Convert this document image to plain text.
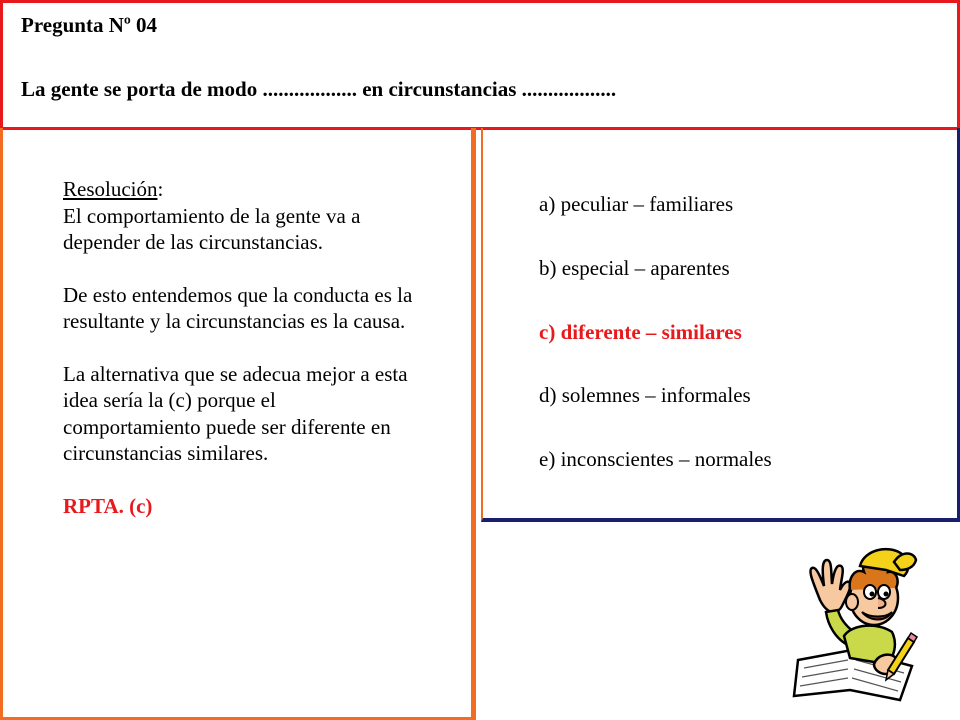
Pregunta Nº 04
La gente se porta de modo .................. en circunstancias ..................

Resolución:

El comportamiento de la gente va a depender de las circunstancias.

De esto entendemos que la conducta es la resultante y la circunstancias es la causa.

La alternativa que se adecua mejor a esta idea sería la (c) porque el comportamiento puede ser diferente en circunstancias similares.

RPTA. (c)

a) peculiar – familiares
b) especial – aparentes
c) diferente – similares
d) solemnes – informales
e) inconscientes – normales
